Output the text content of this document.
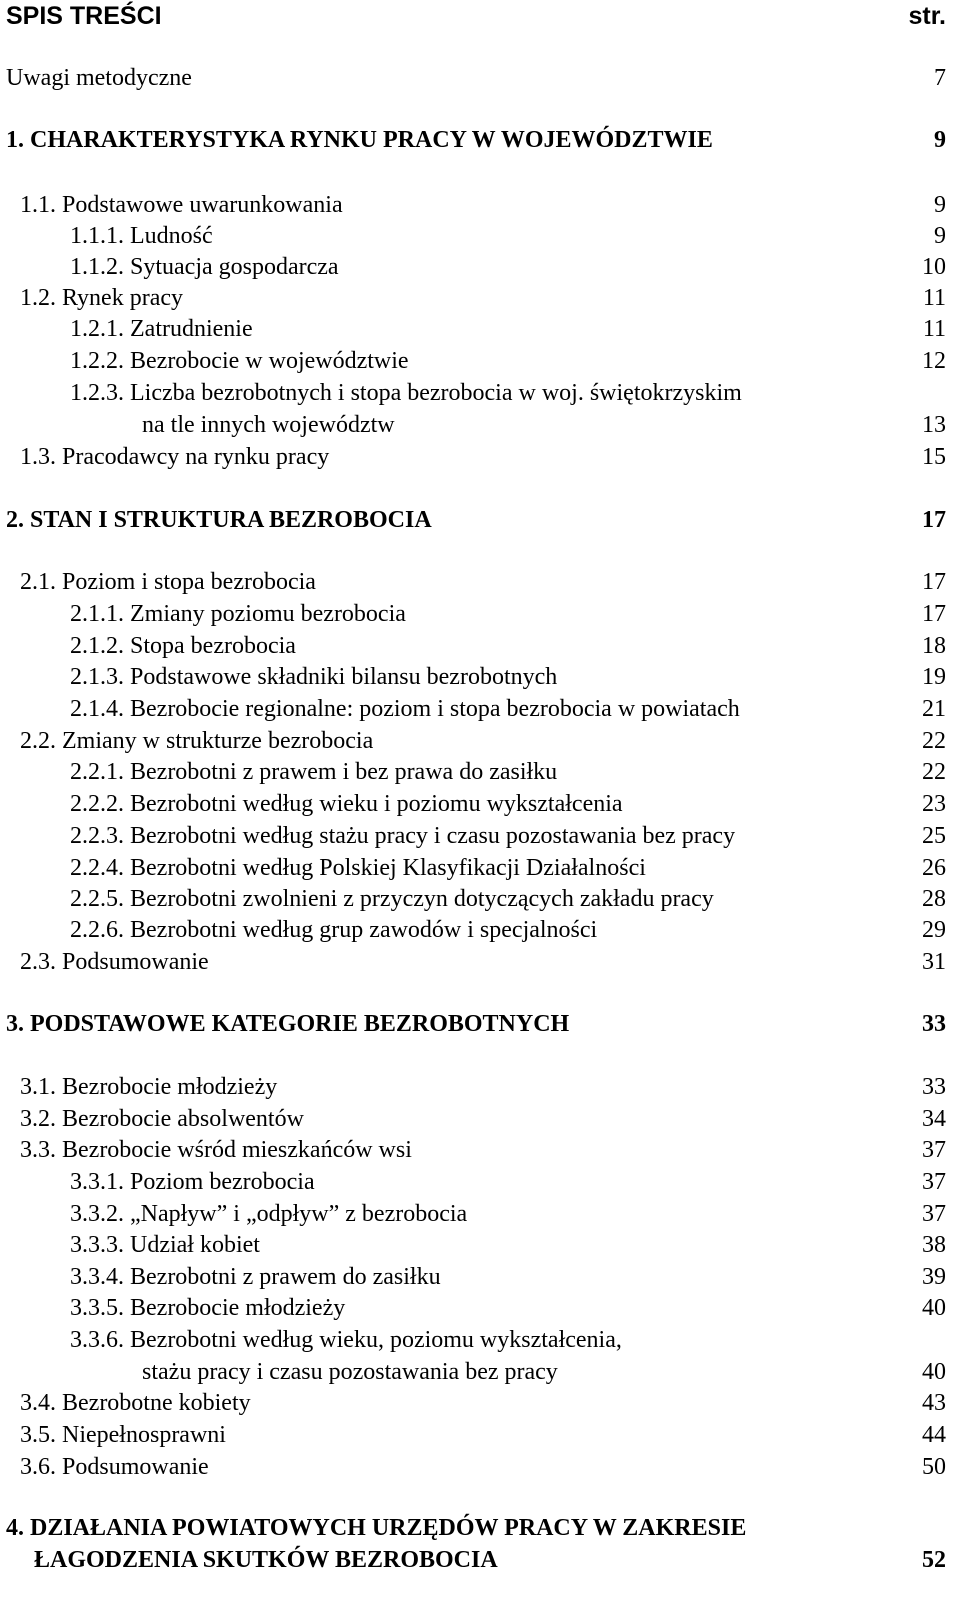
SPIS TREŚCI	str.
Uwagi metodyczne	7
1. CHARAKTERYSTYKA RYNKU PRACY W WOJEWÓDZTWIE	9
1.1. Podstawowe uwarunkowania	9
1.1.1. Ludność	9
1.1.2. Sytuacja gospodarcza	10
1.2. Rynek pracy	11
1.2.1. Zatrudnienie	11
1.2.2. Bezrobocie w województwie	12
1.2.3. Liczba bezrobotnych i stopa bezrobocia w woj. świętokrzyskim
na tle innych województw	13
1.3. Pracodawcy na rynku pracy	15
2. STAN I STRUKTURA BEZROBOCIA	17
2.1. Poziom i stopa bezrobocia	17
2.1.1. Zmiany poziomu bezrobocia	17
2.1.2. Stopa bezrobocia	18
2.1.3. Podstawowe składniki bilansu bezrobotnych	19
2.1.4. Bezrobocie regionalne: poziom i stopa bezrobocia w powiatach	21
2.2. Zmiany w strukturze bezrobocia	22
2.2.1. Bezrobotni z prawem i bez prawa do zasiłku	22
2.2.2. Bezrobotni według wieku i poziomu wykształcenia	23
2.2.3. Bezrobotni według stażu pracy i czasu pozostawania bez pracy	25
2.2.4. Bezrobotni według Polskiej Klasyfikacji Działalności	26
2.2.5. Bezrobotni zwolnieni z przyczyn dotyczących zakładu pracy	28
2.2.6. Bezrobotni według grup zawodów i specjalności	29
2.3. Podsumowanie	31
3. PODSTAWOWE KATEGORIE BEZROBOTNYCH	33
3.1. Bezrobocie młodzieży	33
3.2. Bezrobocie absolwentów	34
3.3. Bezrobocie wśród mieszkańców wsi	37
3.3.1. Poziom bezrobocia	37
3.3.2. „Napływ” i „odpływ” z bezrobocia	37
3.3.3. Udział kobiet	38
3.3.4. Bezrobotni z prawem do zasiłku	39
3.3.5. Bezrobocie młodzieży	40
3.3.6. Bezrobotni według wieku, poziomu wykształcenia,
stażu pracy i czasu pozostawania bez pracy	40
3.4. Bezrobotne kobiety	43
3.5. Niepełnosprawni	44
3.6. Podsumowanie	50
4. DZIAŁANIA POWIATOWYCH URZĘDÓW PRACY W ZAKRESIE
ŁAGODZENIA SKUTKÓW BEZROBOCIA	52
